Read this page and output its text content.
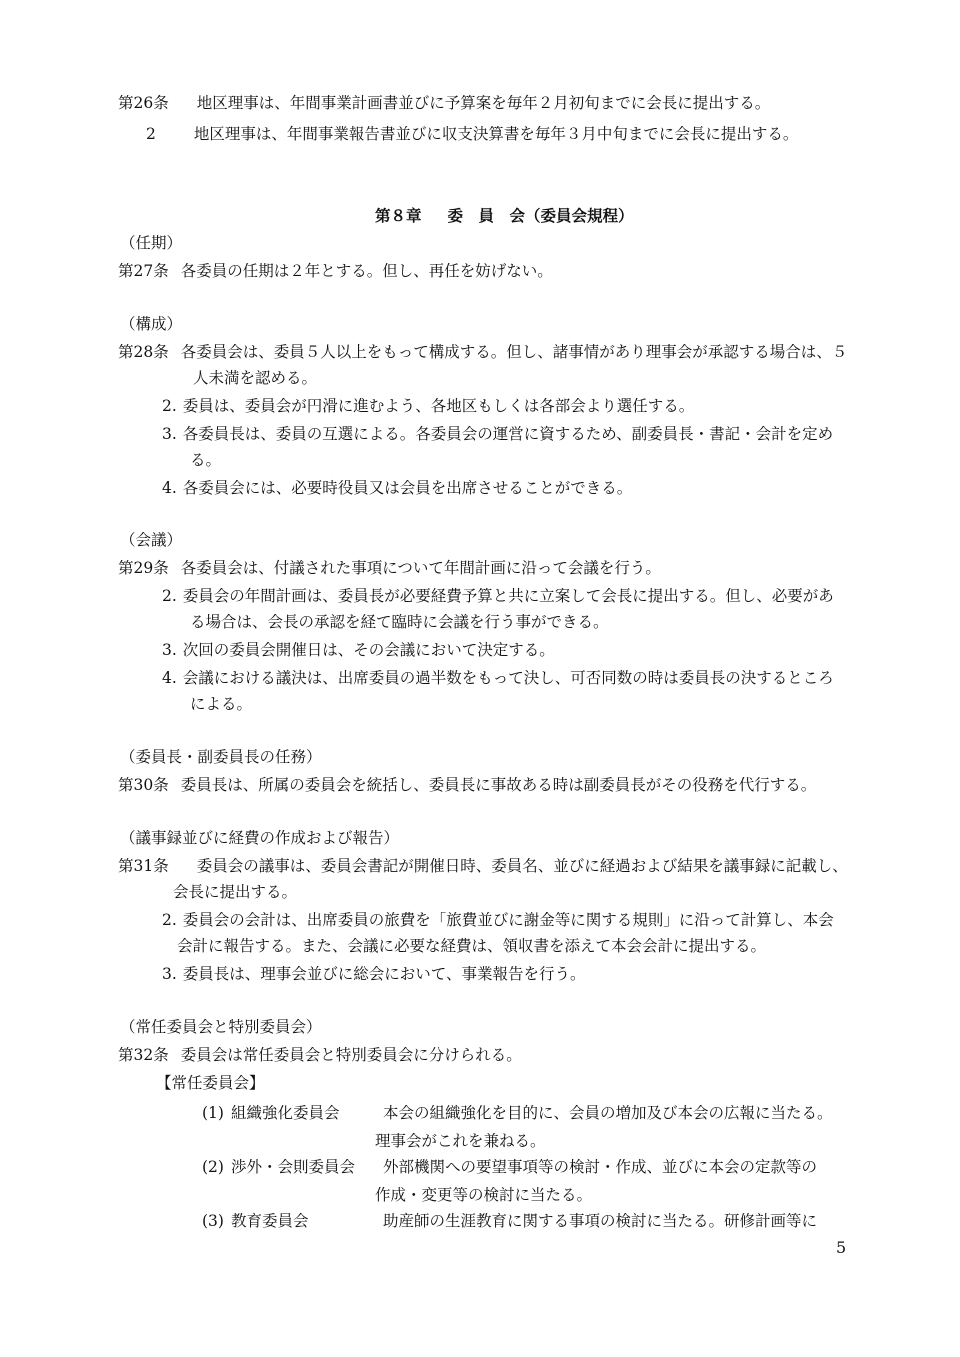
第26条 地区理事は、年間事業計画書並びに予算案を毎年２月初旬までに会長に提出する。
2 地区理事は、年間事業報告書並びに収支決算書を毎年３月中旬までに会長に提出する。
第８章 委　員　会（委員会規程）
（任期）
第27条 各委員の任期は２年とする。但し、再任を妨げない。
（構成）
第28条 各委員会は、委員５人以上をもって構成する。但し、諸事情があり理事会が承認する場合は、５
人未満を認める。
2. 委員は、委員会が円滑に進むよう、各地区もしくは各部会より選任する。
3. 各委員長は、委員の互選による。各委員会の運営に資するため、副委員長・書記・会計を定め
る。
4. 各委員会には、必要時役員又は会員を出席させることができる。
（会議）
第29条 各委員会は、付議された事項について年間計画に沿って会議を行う。
2. 委員会の年間計画は、委員長が必要経費予算と共に立案して会長に提出する。但し、必要があ
る場合は、会長の承認を経て臨時に会議を行う事ができる。
3. 次回の委員会開催日は、その会議において決定する。
4. 会議における議決は、出席委員の過半数をもって決し、可否同数の時は委員長の決するところ
による。
（委員長・副委員長の任務）
第30条 委員長は、所属の委員会を統括し、委員長に事故ある時は副委員長がその役務を代行する。
（議事録並びに経費の作成および報告）
第31条 委員会の議事は、委員会書記が開催日時、委員名、並びに経過および結果を議事録に記載し、
会長に提出する。
2. 委員会の会計は、出席委員の旅費を「旅費並びに謝金等に関する規則」に沿って計算し、本会
会計に報告する。また、会議に必要な経費は、領収書を添えて本会会計に提出する。
3. 委員長は、理事会並びに総会において、事業報告を行う。
（常任委員会と特別委員会）
第32条 委員会は常任委員会と特別委員会に分けられる。
【常任委員会】
(1) 組織強化委員会	本会の組織強化を目的に、会員の増加及び本会の広報に当たる。
理事会がこれを兼ねる。
(2) 渉外・会則委員会 外部機関への要望事項等の検討・作成、並びに本会の定款等の
作成・変更等の検討に当たる。
(3) 教育委員会	助産師の生涯教育に関する事項の検討に当たる。研修計画等に
5
